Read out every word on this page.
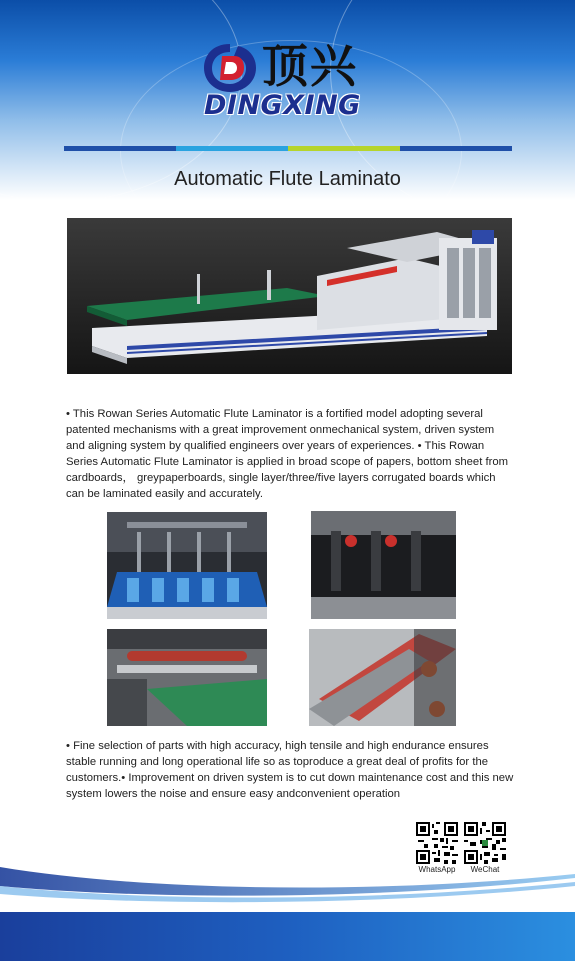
顶兴
DINGXING
Automatic Flute Laminato

• This Rowan Series Automatic Flute Laminator is a fortified model adopting several patented mechanisms with a great improvement onmechanical system, driven system and aligning system by qualified engineers over years of experiences. • This Rowan Series Automatic Flute Laminator is applied in broad scope of papers, bottom sheet from cardboards， greypaperboards, single layer/three/five layers corrugated boards which can be laminated easily and accurately.

• Fine selection of parts with high accuracy, high tensile and high endurance ensures stable running and long operational life so as toproduce a great deal of profits for the customers.• Improvement on driven system is to cut down maintenance cost and this new system lowers the noise and ensure easy andconvenient operation

WhatsApp	WeChat
